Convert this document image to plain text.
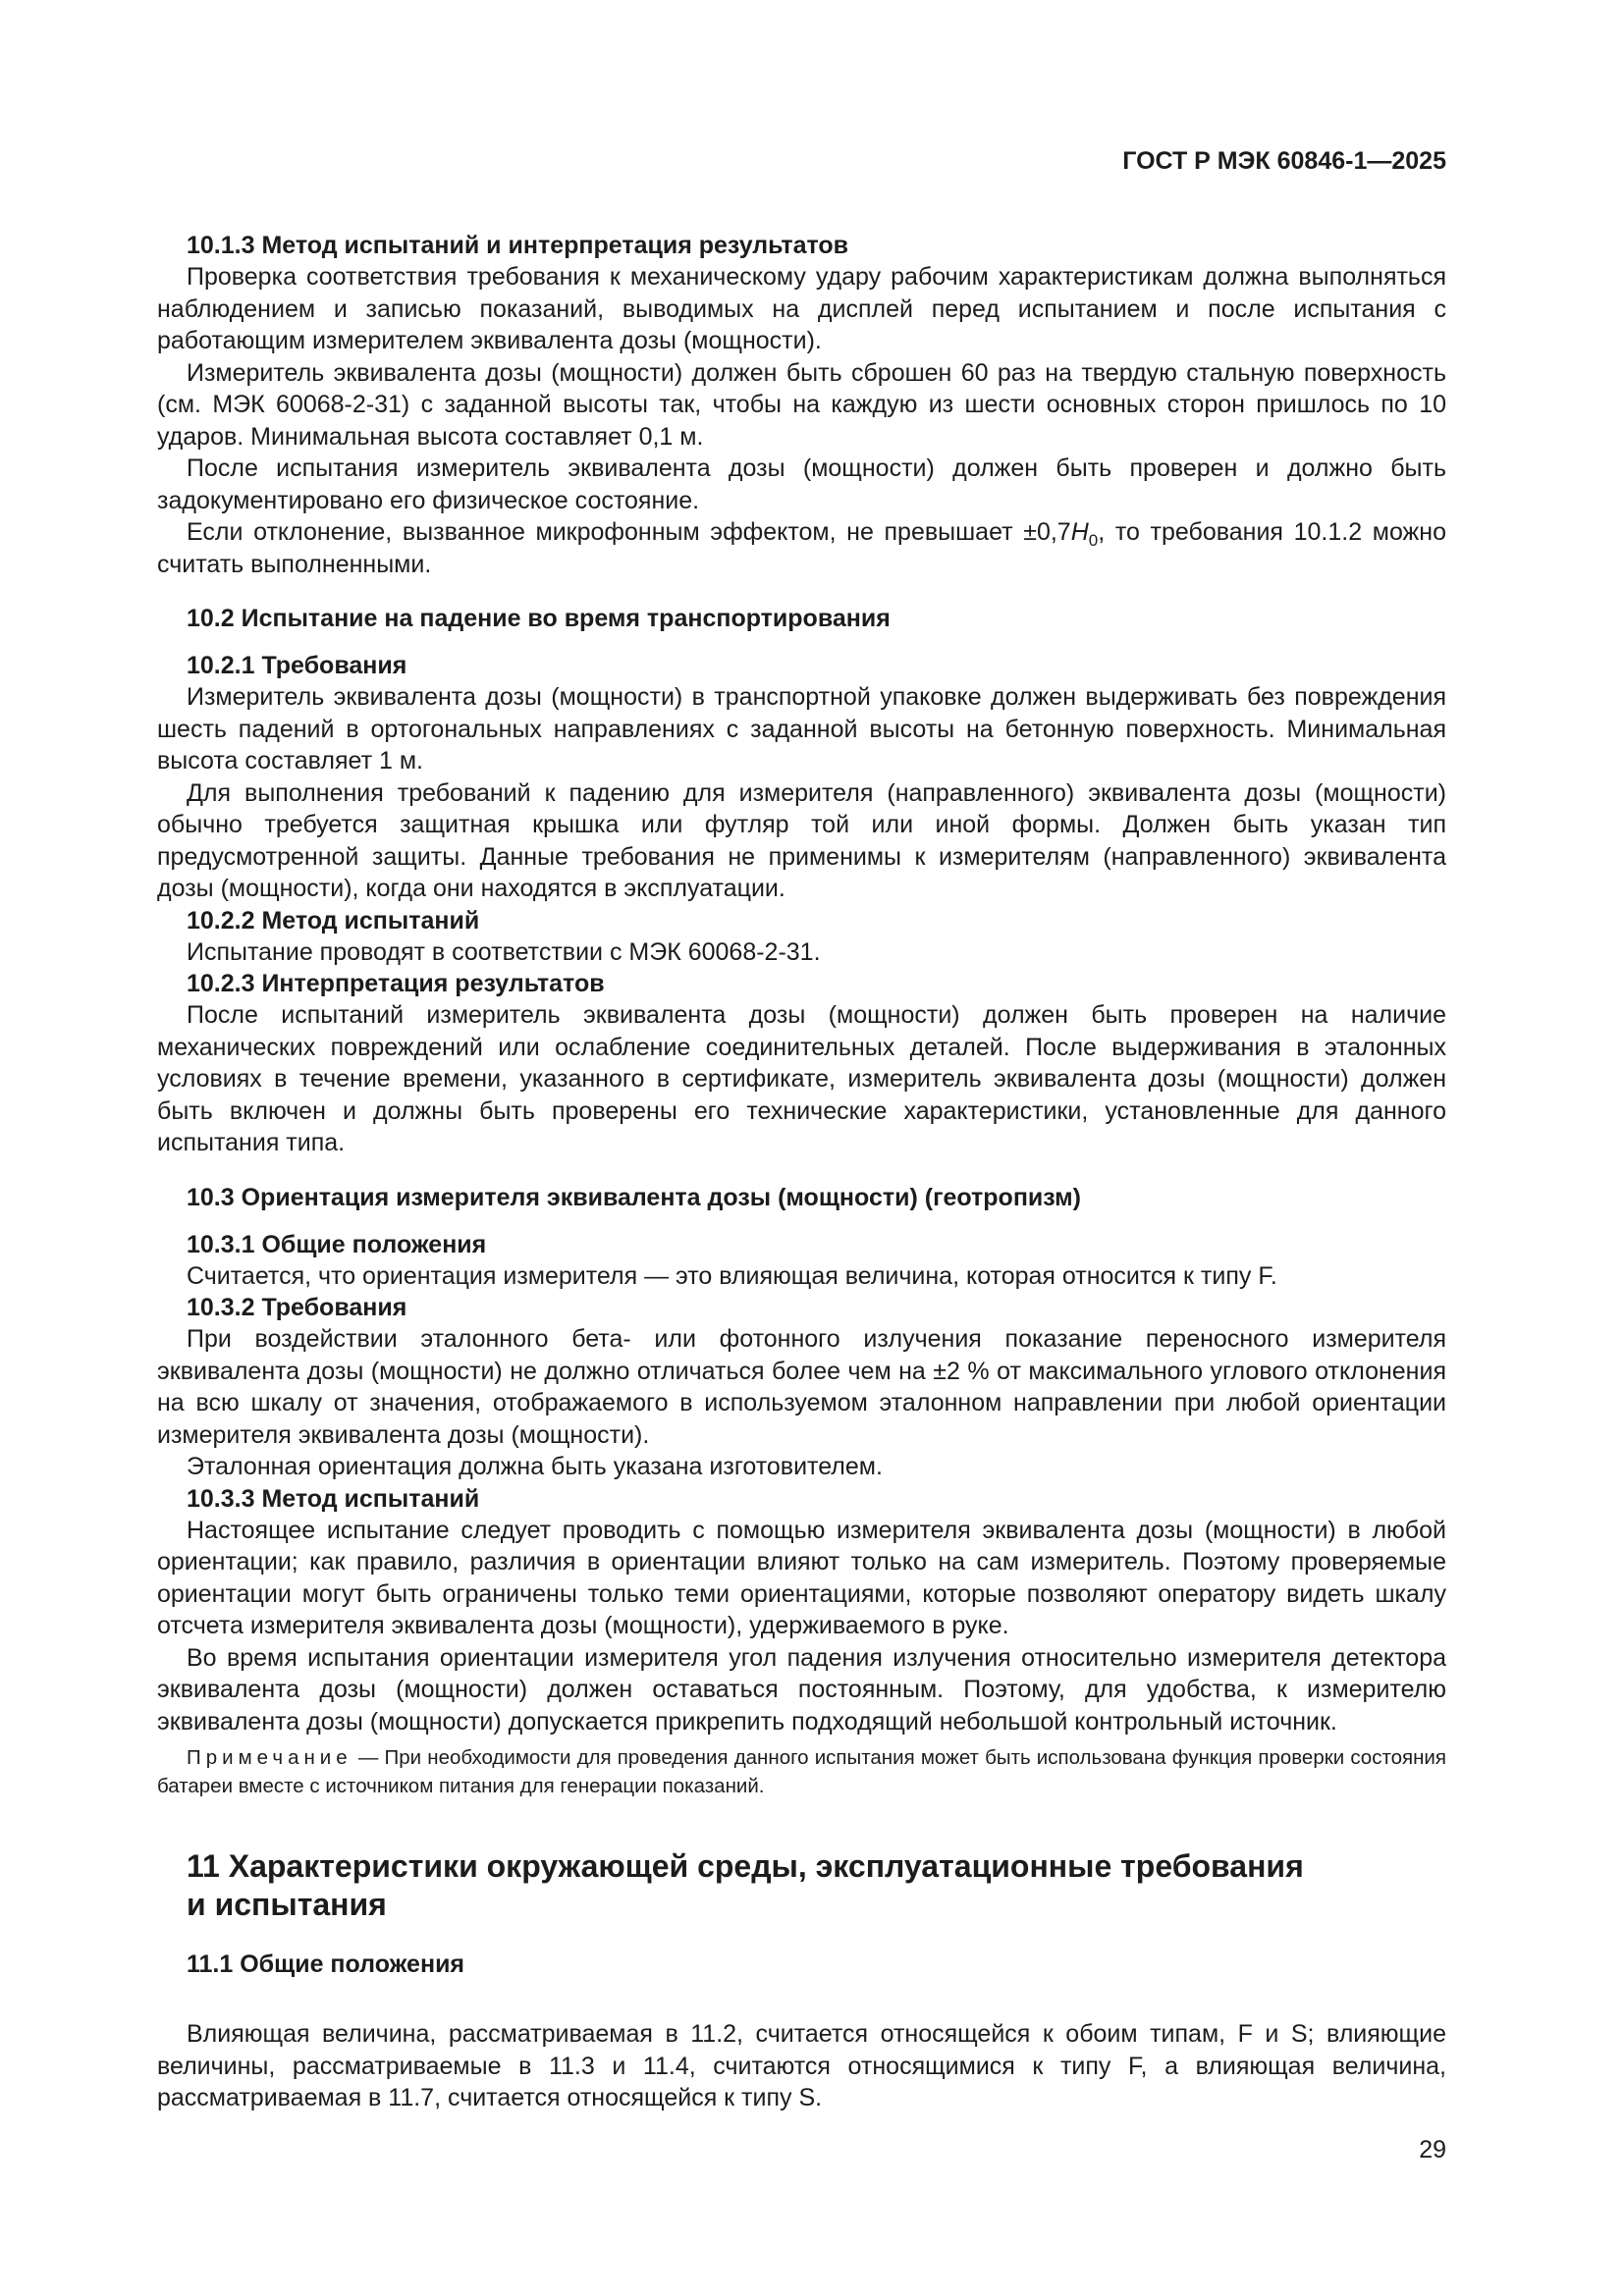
ГОСТ Р МЭК 60846-1—2025
10.1.3 Метод испытаний и интерпретация результатов

Проверка соответствия требования к механическому удару рабочим характеристикам должна выполняться наблюдением и записью показаний, выводимых на дисплей перед испытанием и после испытания с работающим измерителем эквивалента дозы (мощности).

Измеритель эквивалента дозы (мощности) должен быть сброшен 60 раз на твердую стальную поверхность (см. МЭК 60068-2-31) с заданной высоты так, чтобы на каждую из шести основных сторон пришлось по 10 ударов. Минимальная высота составляет 0,1 м.

После испытания измеритель эквивалента дозы (мощности) должен быть проверен и должно быть задокументировано его физическое состояние.

Если отклонение, вызванное микрофонным эффектом, не превышает $\pm 0,7H_0$, то требования 10.1.2 можно считать выполненными.

10.2 Испытание на падение во время транспортирования
10.2.1 Требования

Измеритель эквивалента дозы (мощности) в транспортной упаковке должен выдерживать без повреждения шесть падений в ортогональных направлениях с заданной высоты на бетонную поверхность. Минимальная высота составляет 1 м.

Для выполнения требований к падению для измерителя (направленного) эквивалента дозы (мощности) обычно требуется защитная крышка или футляр той или иной формы. Должен быть указан тип предусмотренной защиты. Данные требования не применимы к измерителям (направленного) эквивалента дозы (мощности), когда они находятся в эксплуатации.

10.2.2 Метод испытаний

Испытание проводят в соответствии с МЭК 60068-2-31.

10.2.3 Интерпретация результатов

После испытаний измеритель эквивалента дозы (мощности) должен быть проверен на наличие механических повреждений или ослабление соединительных деталей. После выдерживания в эталонных условиях в течение времени, указанного в сертификате, измеритель эквивалента дозы (мощности) должен быть включен и должны быть проверены его технические характеристики, установленные для данного испытания типа.

10.3 Ориентация измерителя эквивалента дозы (мощности) (геотропизм)
10.3.1 Общие положения

Считается, что ориентация измерителя — это влияющая величина, которая относится к типу F.

10.3.2 Требования

При воздействии эталонного бета- или фотонного излучения показание переносного измерителя эквивалента дозы (мощности) не должно отличаться более чем на ±2 % от максимального углового отклонения на всю шкалу от значения, отображаемого в используемом эталонном направлении при любой ориентации измерителя эквивалента дозы (мощности).

Эталонная ориентация должна быть указана изготовителем.

10.3.3 Метод испытаний

Настоящее испытание следует проводить с помощью измерителя эквивалента дозы (мощности) в любой ориентации; как правило, различия в ориентации влияют только на сам измеритель. Поэтому проверяемые ориентации могут быть ограничены только теми ориентациями, которые позволяют оператору видеть шкалу отсчета измерителя эквивалента дозы (мощности), удерживаемого в руке.

Во время испытания ориентации измерителя угол падения излучения относительно измерителя детектора эквивалента дозы (мощности) должен оставаться постоянным. Поэтому, для удобства, к измерителю эквивалента дозы (мощности) допускается прикрепить подходящий небольшой контрольный источник.

Примечание — При необходимости для проведения данного испытания может быть использована функция проверки состояния батареи вместе с источником питания для генерации показаний.

11 Характеристики окружающей среды, эксплуатационные требования
и испытания
11.1 Общие положения

Влияющая величина, рассматриваемая в 11.2, считается относящейся к обоим типам, F и S; влияющие величины, рассматриваемые в 11.3 и 11.4, считаются относящимися к типу F, а влияющая величина, рассматриваемая в 11.7, считается относящейся к типу S.

29
